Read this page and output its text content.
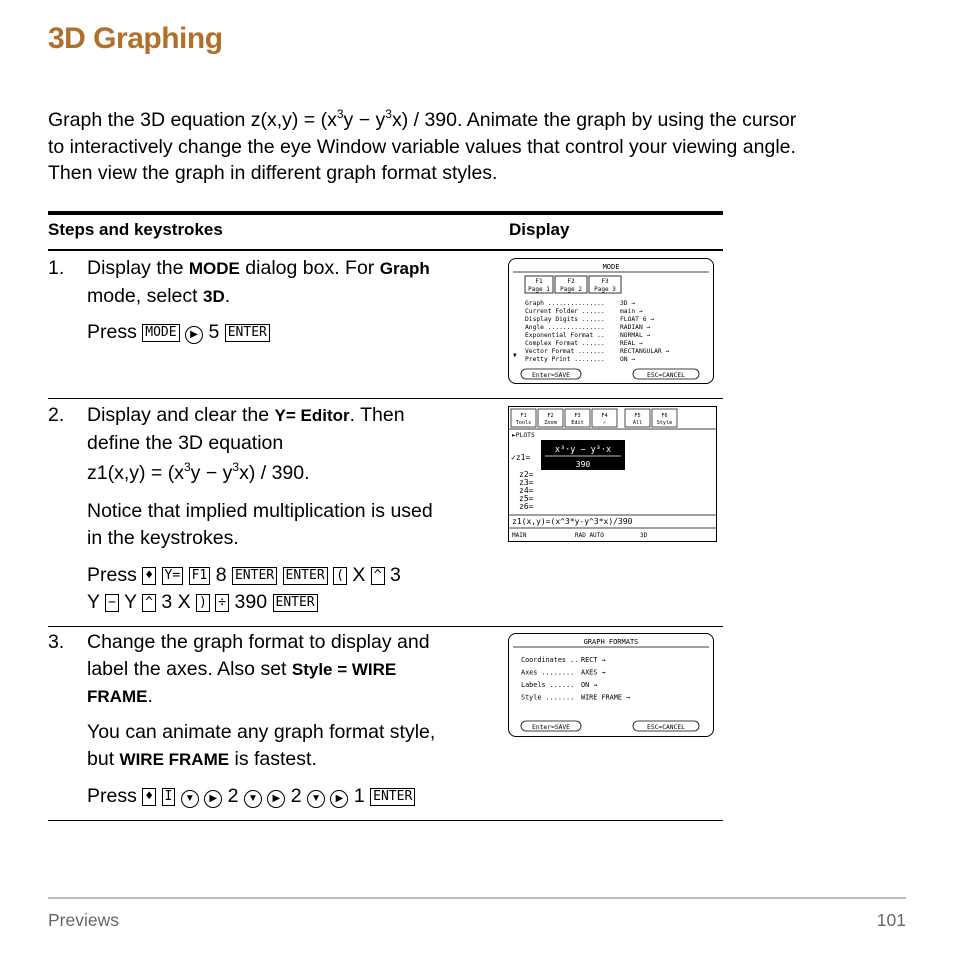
3D Graphing
Graph the 3D equation $z(x,y) = (x^3y - y^3x) / 390$. Animate the graph by using the cursor
to interactively change the eye Window variable values that control your viewing angle.
Then view the graph in different graph format styles.
Steps and keystrokes	Display
1. Display the MODE dialog box. For Graph
mode, select 3D.
Press MODE ▶ 5 ENTER
MODE
F1
Page 1
F2
Page 2
F3
Page 3
Graph ............... 3D →
Current Folder ...... main →
Display Digits ...... FLOAT 6 →
Angle ............... RADIAN →
Exponential Format .. NORMAL →
Complex Format ...... REAL →
Vector Format ....... RECTANGULAR →
Pretty Print ........ ON →
▼
Enter=SAVE	ESC=CANCEL
2. Display and clear the Y= Editor. Then
define the 3D equation
$z1(x,y) = (x^3y - y^3x) / 390$.
Notice that implied multiplication is used
in the keystrokes.
Press ♦ Y= F1 8 ENTER ENTER ( X ^ 3
Y − Y ^ 3 X ) ÷ 390 ENTER
F1
Tools
F2
Zoom
F3
Edit
F4
✓
F5
All
F6
Style
►PLOTS
x³·y − y³·x
390
✓z1=
z2=
z3=
z4=
z5=
z6=
z1(x,y)=(x^3*y-y^3*x)/390
MAIN	RAD AUTO	3D
3. Change the graph format to display and
label the axes. Also set Style = WIRE
FRAME.
You can animate any graph format style,
but WIRE FRAME is fastest.
Press ♦ I ▼ ▶ 2 ▼ ▶ 2 ▼ ▶ 1 ENTER
GRAPH FORMATS
Coordinates .. RECT →
Axes ........ AXES →
Labels ...... ON →
Style ....... WIRE FRAME →
Enter=SAVE	ESC=CANCEL
Previews	101
